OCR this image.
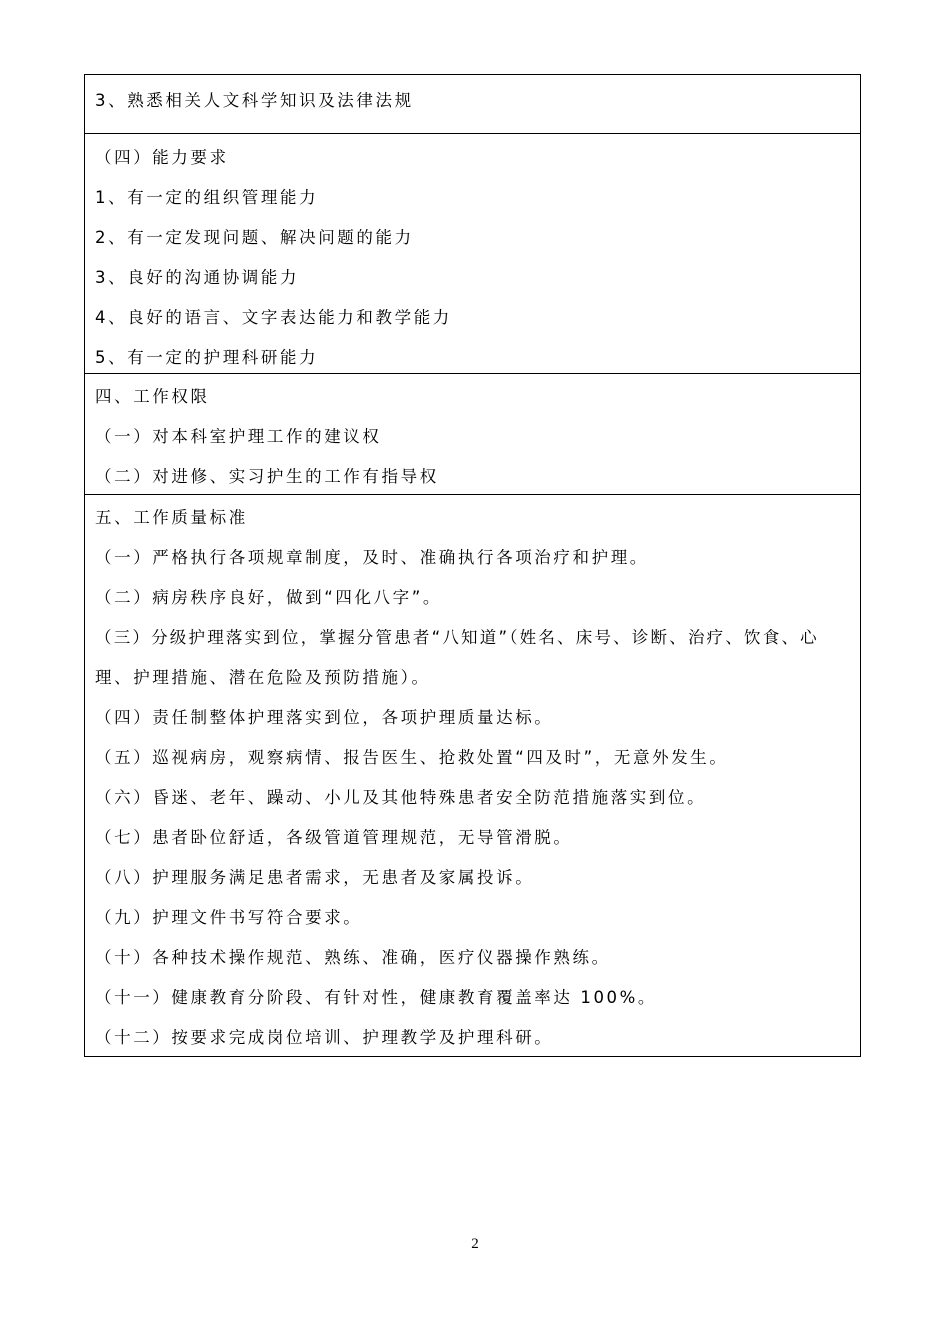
3、熟悉相关人文科学知识及法律法规
（四）能力要求
1、有一定的组织管理能力
2、有一定发现问题、解决问题的能力
3、良好的沟通协调能力
4、良好的语言、文字表达能力和教学能力
5、有一定的护理科研能力
四、工作权限
（一）对本科室护理工作的建议权
（二）对进修、实习护生的工作有指导权
五、工作质量标准
（一）严格执行各项规章制度，及时、准确执行各项治疗和护理。
（二）病房秩序良好，做到“四化八字”。
（三）分级护理落实到位，掌握分管患者“八知道”（姓名、床号、诊断、治疗、饮食、心
理、护理措施、潜在危险及预防措施）。
（四）责任制整体护理落实到位，各项护理质量达标。
（五）巡视病房，观察病情、报告医生、抢救处置“四及时”，无意外发生。
（六）昏迷、老年、躁动、小儿及其他特殊患者安全防范措施落实到位。
（七）患者卧位舒适，各级管道管理规范，无导管滑脱。
（八）护理服务满足患者需求，无患者及家属投诉。
（九）护理文件书写符合要求。
（十）各种技术操作规范、熟练、准确，医疗仪器操作熟练。
（十一）健康教育分阶段、有针对性，健康教育覆盖率达 100%。
（十二）按要求完成岗位培训、护理教学及护理科研。
2
